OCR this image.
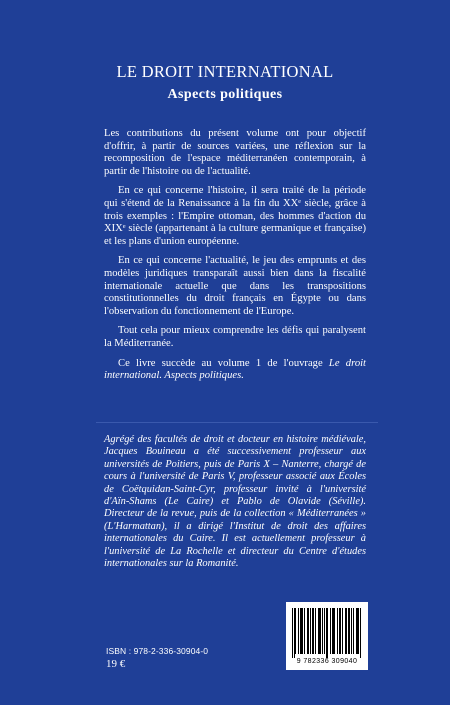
LE DROIT INTERNATIONAL
Aspects politiques

Les contributions du présent volume ont pour objectif d'offrir, à partir de sources variées, une réflexion sur la recomposition de l'espace méditerranéen contemporain, à partir de l'histoire ou de l'actualité.

En ce qui concerne l'histoire, il sera traité de la période qui s'étend de la Renaissance à la fin du XXᵉ siècle, grâce à trois exemples : l'Empire ottoman, des hommes d'action du XIXᵉ siècle (appartenant à la culture germanique et française) et les plans d'union européenne.

En ce qui concerne l'actualité, le jeu des emprunts et des modèles juridiques transparaît aussi bien dans la fiscalité internationale actuelle que dans les transpositions constitutionnelles du droit français en Égypte ou dans l'observation du fonctionnement de l'Europe.

Tout cela pour mieux comprendre les défis qui paralysent la Méditerranée.

Ce livre succède au volume 1 de l'ouvrage Le droit international. Aspects politiques.

Agrégé des facultés de droit et docteur en histoire médiévale, Jacques Bouineau a été successivement professeur aux universités de Poitiers, puis de Paris X – Nanterre, chargé de cours à l'université de Paris V, professeur associé aux Écoles de Coëtquidan-Saint-Cyr, professeur invité à l'université d'Aïn-Shams (Le Caire) et Pablo de Olavide (Séville). Directeur de la revue, puis de la collection « Méditerranées » (L'Harmattan), il a dirigé l'Institut de droit des affaires internationales du Caire. Il est actuellement professeur à l'université de La Rochelle et directeur du Centre d'études internationales sur la Romanité.
ISBN : 978-2-336-30904-0
19 €	9 782336 309040
